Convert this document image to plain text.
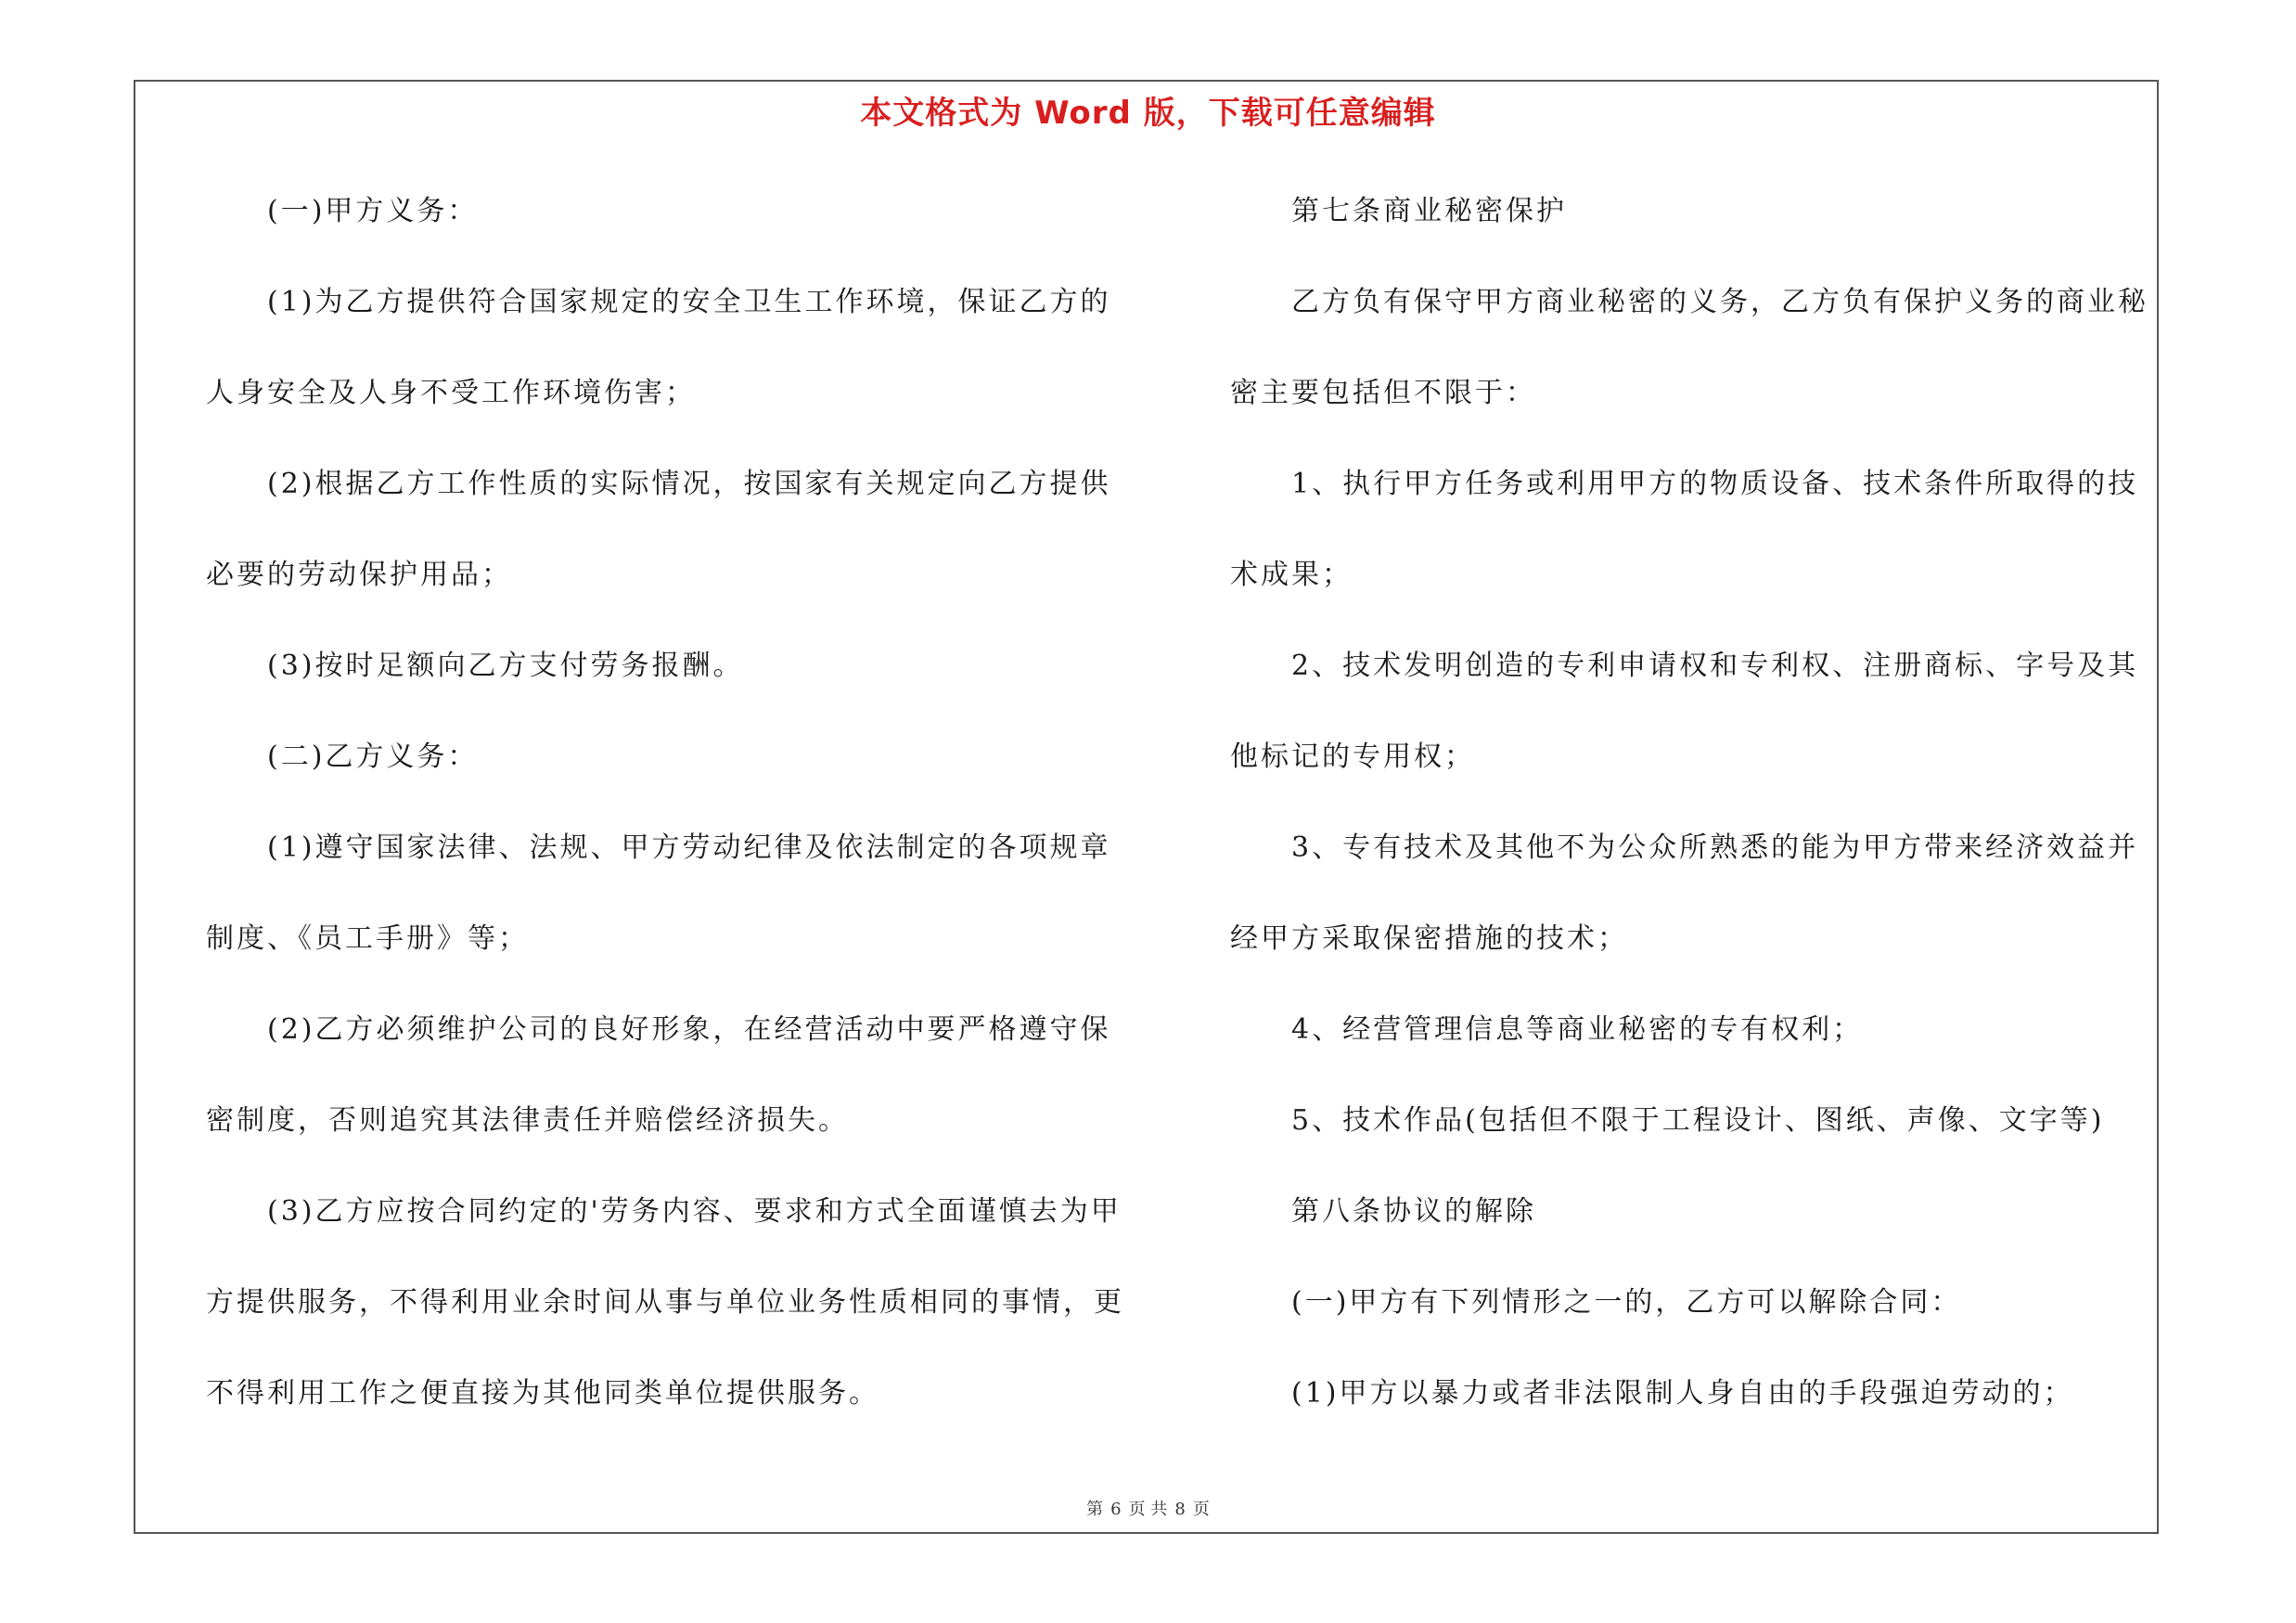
本文格式为 Word 版，下载可任意编辑
(一)甲方义务：
(1)为乙方提供符合国家规定的安全卫生工作环境，保证乙方的
人身安全及人身不受工作环境伤害；
(2)根据乙方工作性质的实际情况，按国家有关规定向乙方提供
必要的劳动保护用品；
(3)按时足额向乙方支付劳务报酬。
(二)乙方义务：
(1)遵守国家法律、法规、甲方劳动纪律及依法制定的各项规章
制度、《员工手册》等；
(2)乙方必须维护公司的良好形象，在经营活动中要严格遵守保
密制度，否则追究其法律责任并赔偿经济损失。
(3)乙方应按合同约定的'劳务内容、要求和方式全面谨慎去为甲
方提供服务，不得利用业余时间从事与单位业务性质相同的事情，更
不得利用工作之便直接为其他同类单位提供服务。
第七条商业秘密保护
乙方负有保守甲方商业秘密的义务，乙方负有保护义务的商业秘
密主要包括但不限于：
1、执行甲方任务或利用甲方的物质设备、技术条件所取得的技
术成果；
2、技术发明创造的专利申请权和专利权、注册商标、字号及其
他标记的专用权；
3、专有技术及其他不为公众所熟悉的能为甲方带来经济效益并
经甲方采取保密措施的技术；
4、经营管理信息等商业秘密的专有权利；
5、技术作品(包括但不限于工程设计、图纸、声像、文字等)
第八条协议的解除
(一)甲方有下列情形之一的，乙方可以解除合同：
(1)甲方以暴力或者非法限制人身自由的手段强迫劳动的；
第 6 页 共 8 页
